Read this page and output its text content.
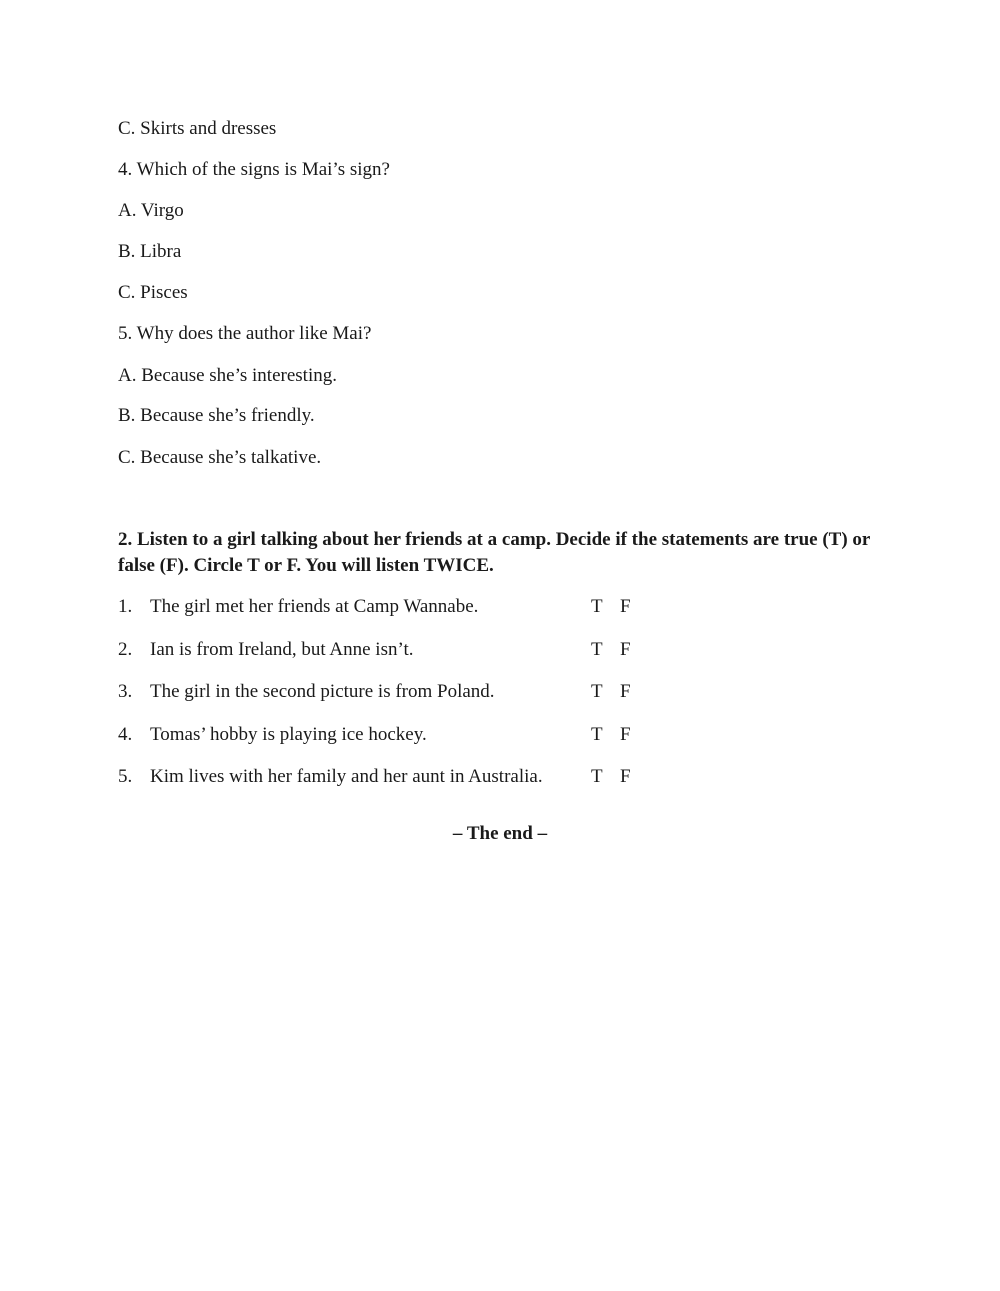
C. Skirts and dresses
4. Which of the signs is Mai’s sign?
A. Virgo
B. Libra
C. Pisces
5. Why does the author like Mai?
A. Because she’s interesting.
B. Because she’s friendly.
C. Because she’s talkative.
2. Listen to a girl talking about her friends at a camp. Decide if the statements are true (T) or false (F). Circle T or F. You will listen TWICE.
1. The girl met her friends at Camp Wannabe.	T F
2. Ian is from Ireland, but Anne isn’t.	T F
3. The girl in the second picture is from Poland.	T F
4. Tomas’ hobby is playing ice hockey.	T F
5. Kim lives with her family and her aunt in Australia.	T F
– The end –
